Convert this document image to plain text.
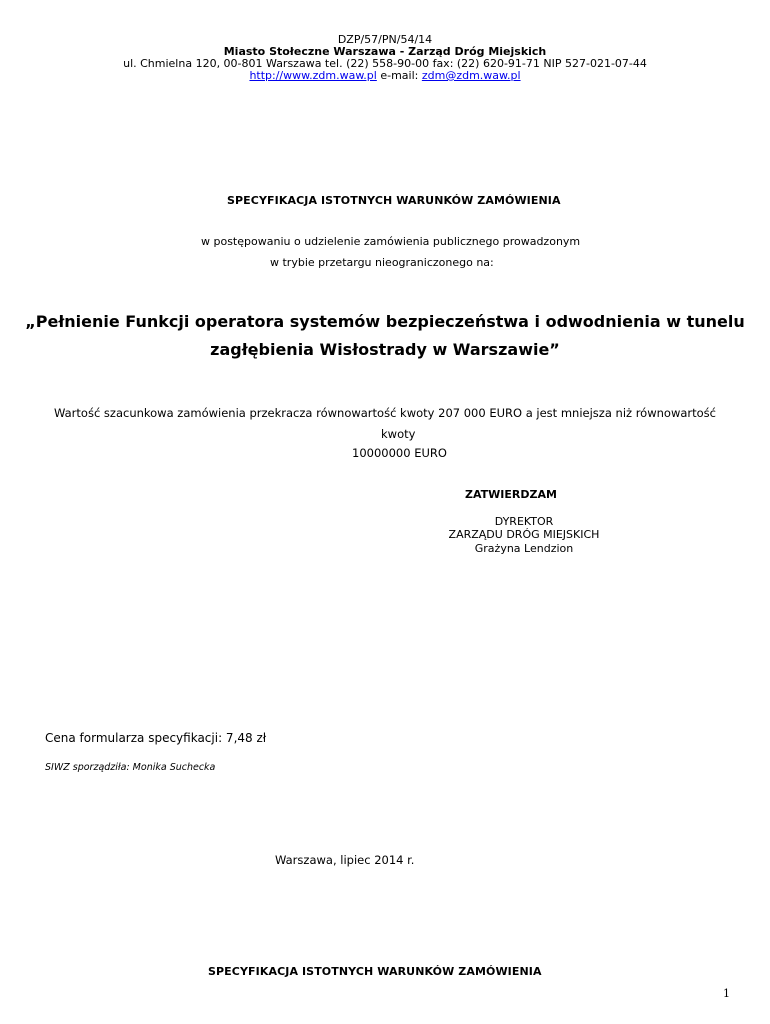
DZP/57/PN/54/14
Miasto Stołeczne Warszawa - Zarząd Dróg Miejskich
ul. Chmielna 120, 00-801 Warszawa tel. (22) 558-90-00 fax: (22) 620-91-71 NIP 527-021-07-44
http://www.zdm.waw.pl e-mail: zdm@zdm.waw.pl
SPECYFIKACJA ISTOTNYCH WARUNKÓW ZAMÓWIENIA
w postępowaniu o udzielenie zamówienia publicznego prowadzonym
w trybie przetargu nieograniczonego na:
„Pełnienie Funkcji operatora systemów bezpieczeństwa i odwodnienia w tunelu
zagłębienia Wisłostrady w Warszawie”
Wartość szacunkowa zamówienia przekracza równowartość kwoty 207 000 EURO a jest mniejsza niż równowartość
kwoty
10000000 EURO
ZATWIERDZAM
DYREKTOR
ZARZĄDU DRÓG MIEJSKICH
Grażyna Lendzion
Cena formularza specyfikacji: 7,48 zł
SIWZ sporządziła: Monika Suchecka
Warszawa, lipiec 2014 r.
SPECYFIKACJA ISTOTNYCH WARUNKÓW ZAMÓWIENIA
1
